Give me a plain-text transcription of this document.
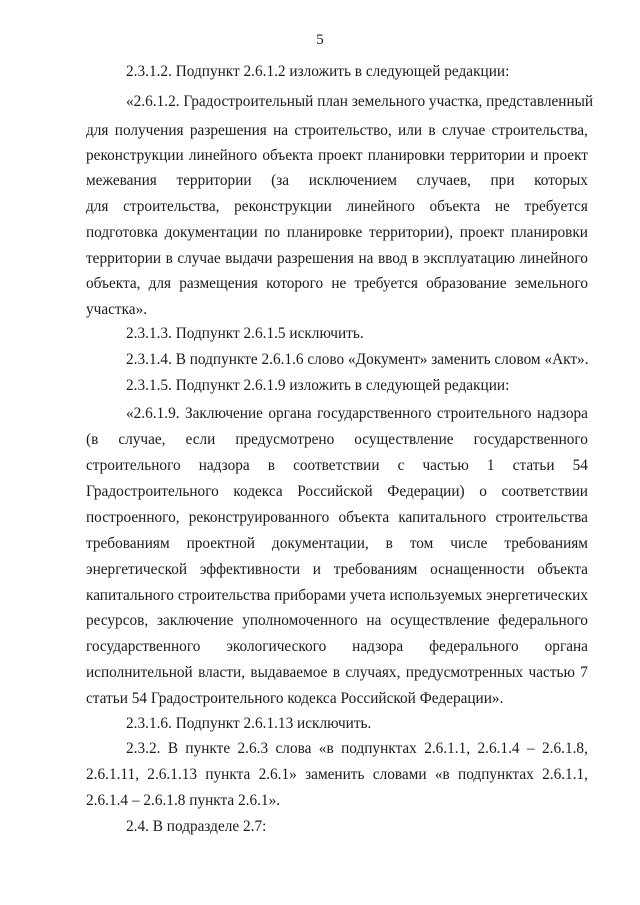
5
2.3.1.2. Подпункт 2.6.1.2 изложить в следующей редакции:
«2.6.1.2. Градостроительный план земельного участка, представленный
для получения разрешения на строительство, или в случае строительства,
реконструкции линейного объекта проект планировки территории и проект
межевания территории (за исключением случаев, при которых
для строительства, реконструкции линейного объекта не требуется
подготовка документации по планировке территории), проект планировки
территории в случае выдачи разрешения на ввод в эксплуатацию линейного
объекта, для размещения которого не требуется образование земельного
участка».
2.3.1.3. Подпункт 2.6.1.5 исключить.
2.3.1.4. В подпункте 2.6.1.6 слово «Документ» заменить словом «Акт».
2.3.1.5. Подпункт 2.6.1.9 изложить в следующей редакции:
«2.6.1.9. Заключение органа государственного строительного надзора
(в случае, если предусмотрено осуществление государственного
строительного надзора в соответствии с частью 1 статьи 54
Градостроительного кодекса Российской Федерации) о соответствии
построенного, реконструированного объекта капитального строительства
требованиям проектной документации, в том числе требованиям
энергетической эффективности и требованиям оснащенности объекта
капитального строительства приборами учета используемых энергетических
ресурсов, заключение уполномоченного на осуществление федерального
государственного экологического надзора федерального органа
исполнительной власти, выдаваемое в случаях, предусмотренных частью 7
статьи 54 Градостроительного кодекса Российской Федерации».
2.3.1.6. Подпункт 2.6.1.13 исключить.
2.3.2. В пункте 2.6.3 слова «в подпунктах 2.6.1.1, 2.6.1.4 – 2.6.1.8,
2.6.1.11, 2.6.1.13 пункта 2.6.1» заменить словами «в подпунктах 2.6.1.1,
2.6.1.4 – 2.6.1.8 пункта 2.6.1».
2.4. В подразделе 2.7:
